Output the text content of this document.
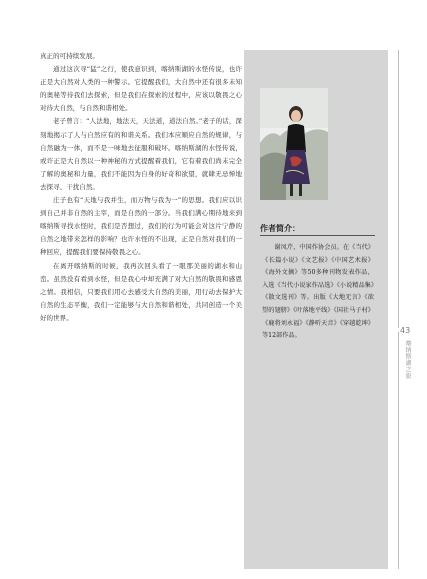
真正的可持续发展。

通过这次寻“猛”之行，使我意识到，喀纳斯湖的水怪传说，也许正是大自然对人类的一种警示。它提醒我们，大自然中还有很多未知的奥秘等待我们去探索，但是我们在探索的过程中，应该以敬畏之心对待大自然，与自然和谐相处。

老子曾言：“人法地，地法天，天法道，道法自然。”老子的话，深刻地揭示了人与自然应有的和谐关系。我们本应顺应自然的规律，与自然融为一体，而不是一味地去征服和破坏。喀纳斯湖的水怪传说，或许正是大自然以一种神秘的方式提醒着我们，它有着我们尚未完全了解的奥秘和力量，我们不能因为自身的好奇和欲望，就肆无忌惮地去探寻、干扰自然。

庄子也有“天地与我并生，而万物与我为一”的思想。我们应以识到自己并非自然的主宰，而是自然的一部分。当我们满心期待地来到喀纳斯寻找水怪时，我们是否想过，我们的行为可能会对这片宁静的自然之地带来怎样的影响？也许水怪的不出现，正是自然对我们的一种回应，提醒我们要保持敬畏之心。

在离开喀纳斯的时候，我再次回头看了一眼那美丽的湖水和山峦。虽然没有看到水怪，但是我心中却充满了对大自然的敬畏和感恩之情。我相信，只要我们用心去感受大自然的美丽，用行动去保护大自然的生态平衡，我们一定能够与大自然和谐相处，共同创造一个美好的世界。

作者简介：

谢凤芹，中国作协会员。在《当代》《长篇小说》《文艺报》《中国艺术报》《海外文摘》等50多种刊物发表作品，入选《当代小说家作品选》《小说精品集》《散文选刊》等。出版《大地无言》《欲望的翅膀》《叶落地平线》《国社马子村》《鹿将刘永福》《静听天音》《穿越乾坤》等12部作品。

43
喀纳斯湖之旅
